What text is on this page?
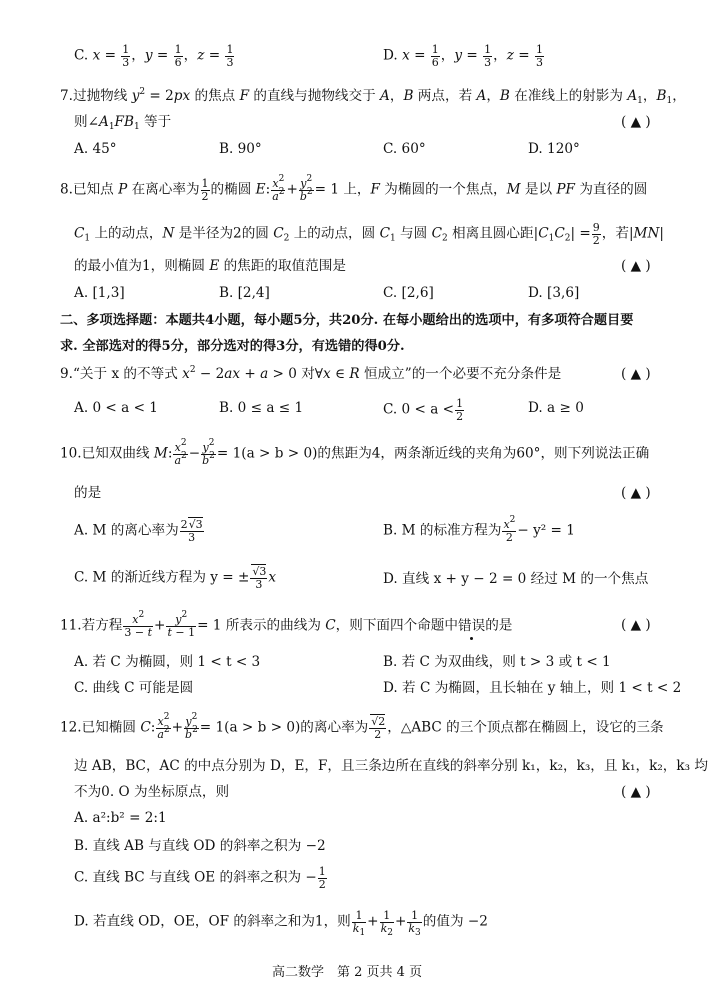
C. $x = \frac{1}{3}$ ，$y = \frac{1}{6}$ ，$z = \frac{1}{3}$	D. $x = \frac{1}{6}$ ，$y = \frac{1}{3}$ ，$z = \frac{1}{3}$
7.过抛物线 $y^2 = 2px$ 的焦点 F 的直线与抛物线交于 A，B 两点，若 A，B 在准线上的射影为 $A_1$，$B_1$，
则$\angle A_1FB_1$ 等于	( ▲ )
A. 45°	B. 90°	C. 60°	D. 120°
8.已知点 P 在离心率为 $\frac{1}{2}$ 的椭圆 E: $\frac{x^2}{a^2} + \frac{y^2}{b^2} = 1$ 上，F 为椭圆的一个焦点，M 是以 PF 为直径的圆
$C_1$ 上的动点，N 是半径为2的圆 $C_2$ 上的动点，圆 $C_1$ 与圆 $C_2$ 相离且圆心距$|C_1C_2| = \frac{9}{2}$ ，若|MN|
的最小值为1，则椭圆 E 的焦距的取值范围是	( ▲ )
A. [1,3]	B. [2,4]	C. [2,6]	D. [3,6]
二、多项选择题：本题共4小题，每小题5分，共20分. 在每小题给出的选项中，有多项符合题目要
求. 全部选对的得5分，部分选对的得3分，有选错的得0分.
9.“关于 x 的不等式 $x^2 - 2ax + a > 0$ 对∀x ∈ R 恒成立”的一个必要不充分条件是	( ▲ )
A. 0 < a < 1	B. 0 ≤ a ≤ 1	C. $0 < a < \frac{1}{2}$	D. a ≥ 0
10.已知双曲线 M: $\frac{x^2}{a^2} - \frac{y^2}{b^2} = 1(a > b > 0)$的焦距为4，两条渐近线的夹角为60°，则下列说法正确
的是	( ▲ )
A. M 的离心率为 $\frac{2√3}{3}$	B. M 的标准方程为 $\frac{x^2}{2} - y^2 = 1$
C. M 的渐近线方程为 y = ± $\frac{√3}{3}$ x	D. 直线 x + y − 2 = 0 经过 M 的一个焦点
11.若方程 $\frac{x^2}{3 - t} + \frac{y^2}{t - 1} = 1$ 所表示的曲线为 C，则下面四个命题中错误的是	( ▲ )
A. 若 C 为椭圆，则 1 < t < 3	B. 若 C 为双曲线，则 t > 3 或 t < 1
C. 曲线 C 可能是圆	D. 若 C 为椭圆，且长轴在 y 轴上，则 1 < t < 2
12.已知椭圆 C: $\frac{x^2}{a^2} + \frac{y^2}{b^2} = 1(a > b > 0)$的离心率为 $\frac{√2}{2}$ ，△ABC 的三个顶点都在椭圆上，设它的三条
边 AB，BC，AC 的中点分别为 D，E，F，且三条边所在直线的斜率分别 k₁，k₂，k₃，且 k₁，k₂，k₃ 均
不为0. O 为坐标原点，则	( ▲ )
A. a²:b² = 2:1
B. 直线 AB 与直线 OD 的斜率之积为 −2
C. 直线 BC 与直线 OE 的斜率之积为 − $\frac{1}{2}$
D. 若直线 OD，OE，OF 的斜率之和为1，则 $\frac{1}{k_1} + \frac{1}{k_2} + \frac{1}{k_3}$ 的值为 −2
高二数学　第 2 页共 4 页
